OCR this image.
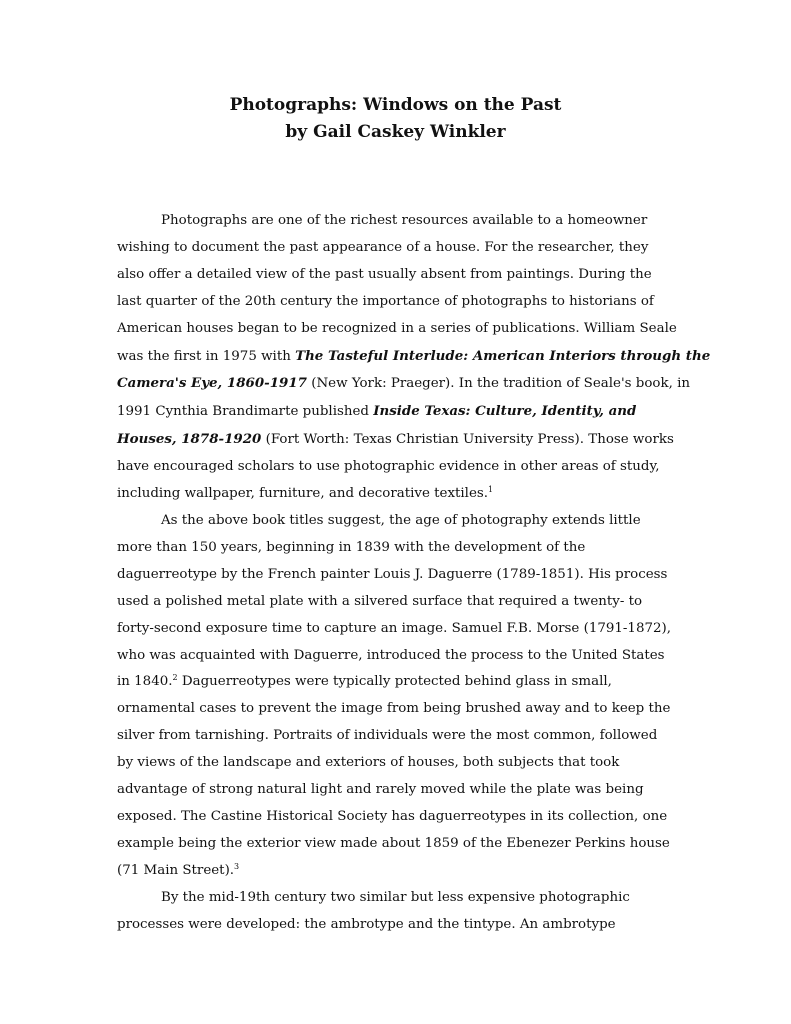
Photographs: Windows on the Past
by Gail Caskey Winkler
Photographs are one of the richest resources available to a homeowner
wishing to document the past appearance of a house. For the researcher, they
also offer a detailed view of the past usually absent from paintings. During the
last quarter of the 20th century the importance of photographs to historians of
American houses began to be recognized in a series of publications. William Seale
was the first in 1975 with The Tasteful Interlude: American Interiors through the
Camera's Eye, 1860-1917 (New York: Praeger). In the tradition of Seale's book, in
1991 Cynthia Brandimarte published Inside Texas: Culture, Identity, and
Houses, 1878-1920 (Fort Worth: Texas Christian University Press). Those works
have encouraged scholars to use photographic evidence in other areas of study,
including wallpaper, furniture, and decorative textiles.$^1$
As the above book titles suggest, the age of photography extends little
more than 150 years, beginning in 1839 with the development of the
daguerreotype by the French painter Louis J. Daguerre (1789-1851). His process
used a polished metal plate with a silvered surface that required a twenty- to
forty-second exposure time to capture an image. Samuel F.B. Morse (1791-1872),
who was acquainted with Daguerre, introduced the process to the United States
in 1840.$^2$ Daguerreotypes were typically protected behind glass in small,
ornamental cases to prevent the image from being brushed away and to keep the
silver from tarnishing. Portraits of individuals were the most common, followed
by views of the landscape and exteriors of houses, both subjects that took
advantage of strong natural light and rarely moved while the plate was being
exposed. The Castine Historical Society has daguerreotypes in its collection, one
example being the exterior view made about 1859 of the Ebenezer Perkins house
(71 Main Street).$^3$
By the mid-19th century two similar but less expensive photographic
processes were developed: the ambrotype and the tintype. An ambrotype
